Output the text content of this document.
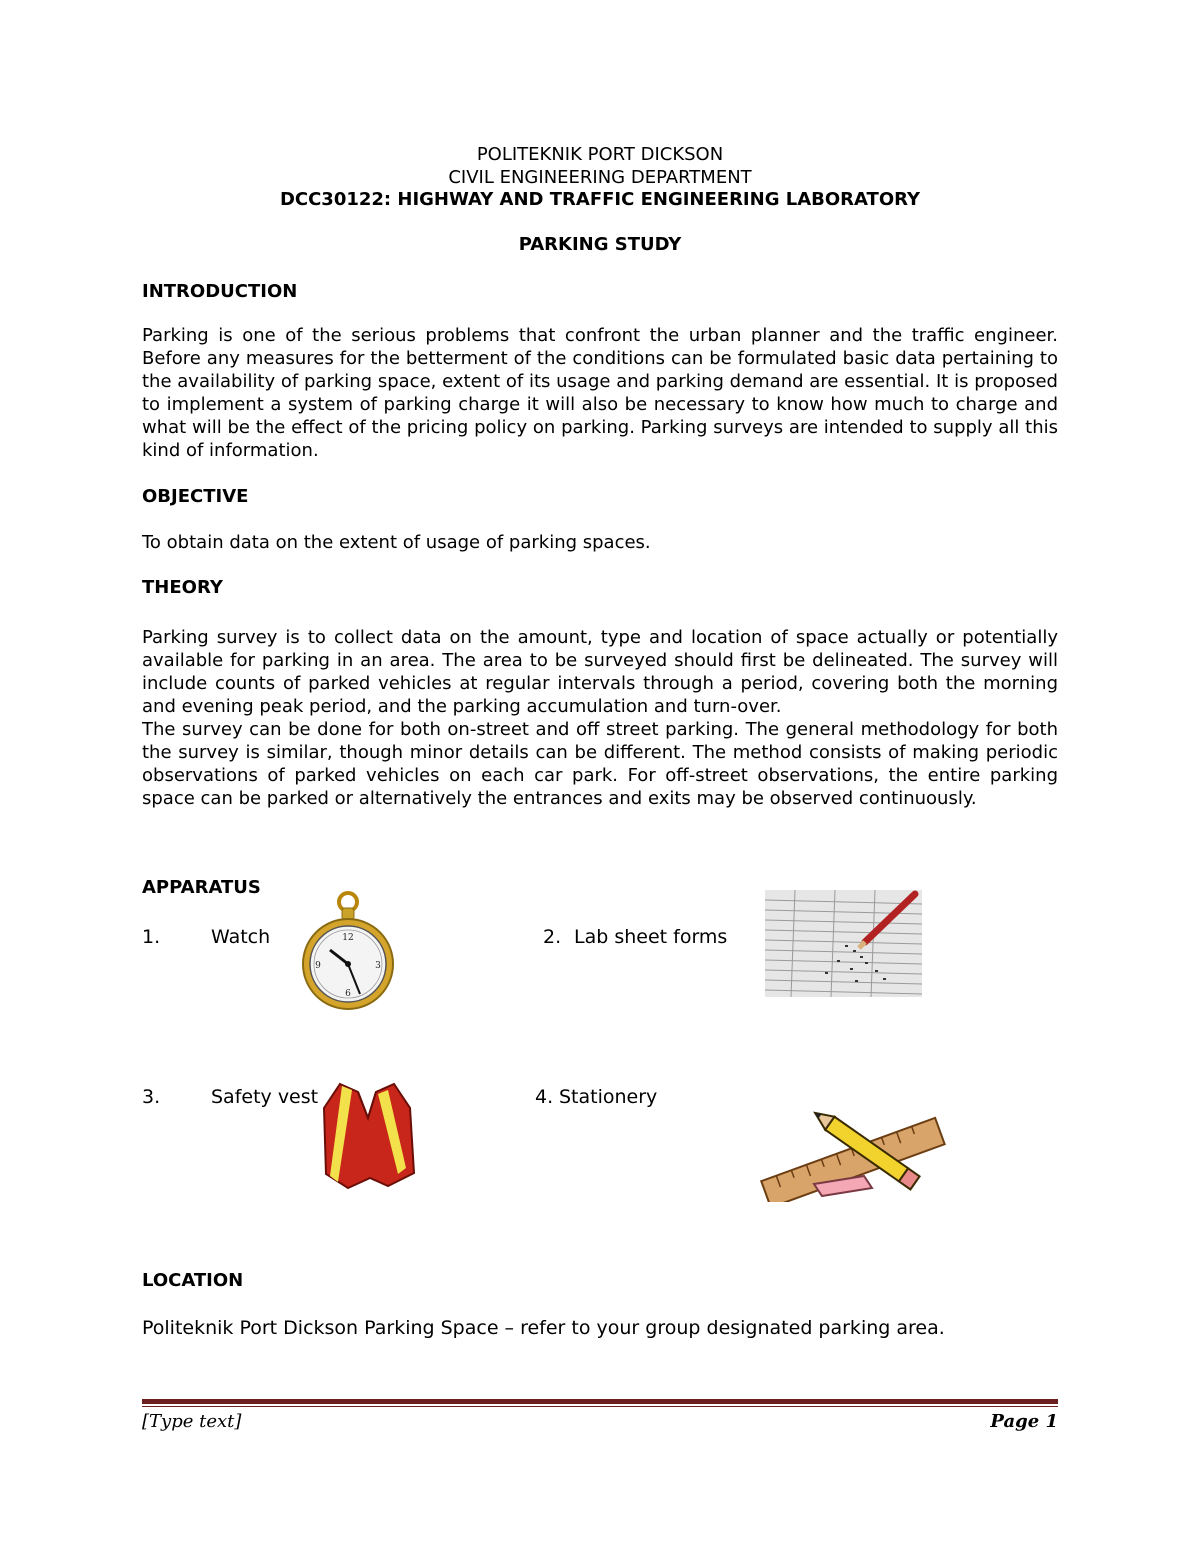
POLITEKNIK PORT DICKSON
CIVIL ENGINEERING DEPARTMENT
DCC30122: HIGHWAY AND TRAFFIC ENGINEERING LABORATORY
PARKING STUDY
INTRODUCTION

Parking is one of the serious problems that confront the urban planner and the traffic engineer. Before any measures for the betterment of the conditions can be formulated basic data pertaining to the availability of parking space, extent of its usage and parking demand are essential. It is proposed to implement a system of parking charge it will also be necessary to know how much to charge and what will be the effect of the pricing policy on parking. Parking surveys are intended to supply all this kind of information.

OBJECTIVE

To obtain data on the extent of usage of parking spaces.

THEORY

Parking survey is to collect data on the amount, type and location of space actually or potentially available for parking in an area. The area to be surveyed should first be delineated. The survey will include counts of parked vehicles at regular intervals through a period, covering both the morning and evening peak period, and the parking accumulation and turn-over.

The survey can be done for both on-street and off street parking. The general methodology for both the survey is similar, though minor details can be different. The method consists of making periodic observations of parked vehicles on each car park. For off-street observations, the entire parking space can be parked or alternatively the entrances and exits may be observed continuously.

APPARATUS
1.	Watch	2. Lab sheet forms
3.	Safety vest	4. Stationery
12
3
6
9
LOCATION

Politeknik Port Dickson Parking Space – refer to your group designated parking area.

[Type text]	Page 1
